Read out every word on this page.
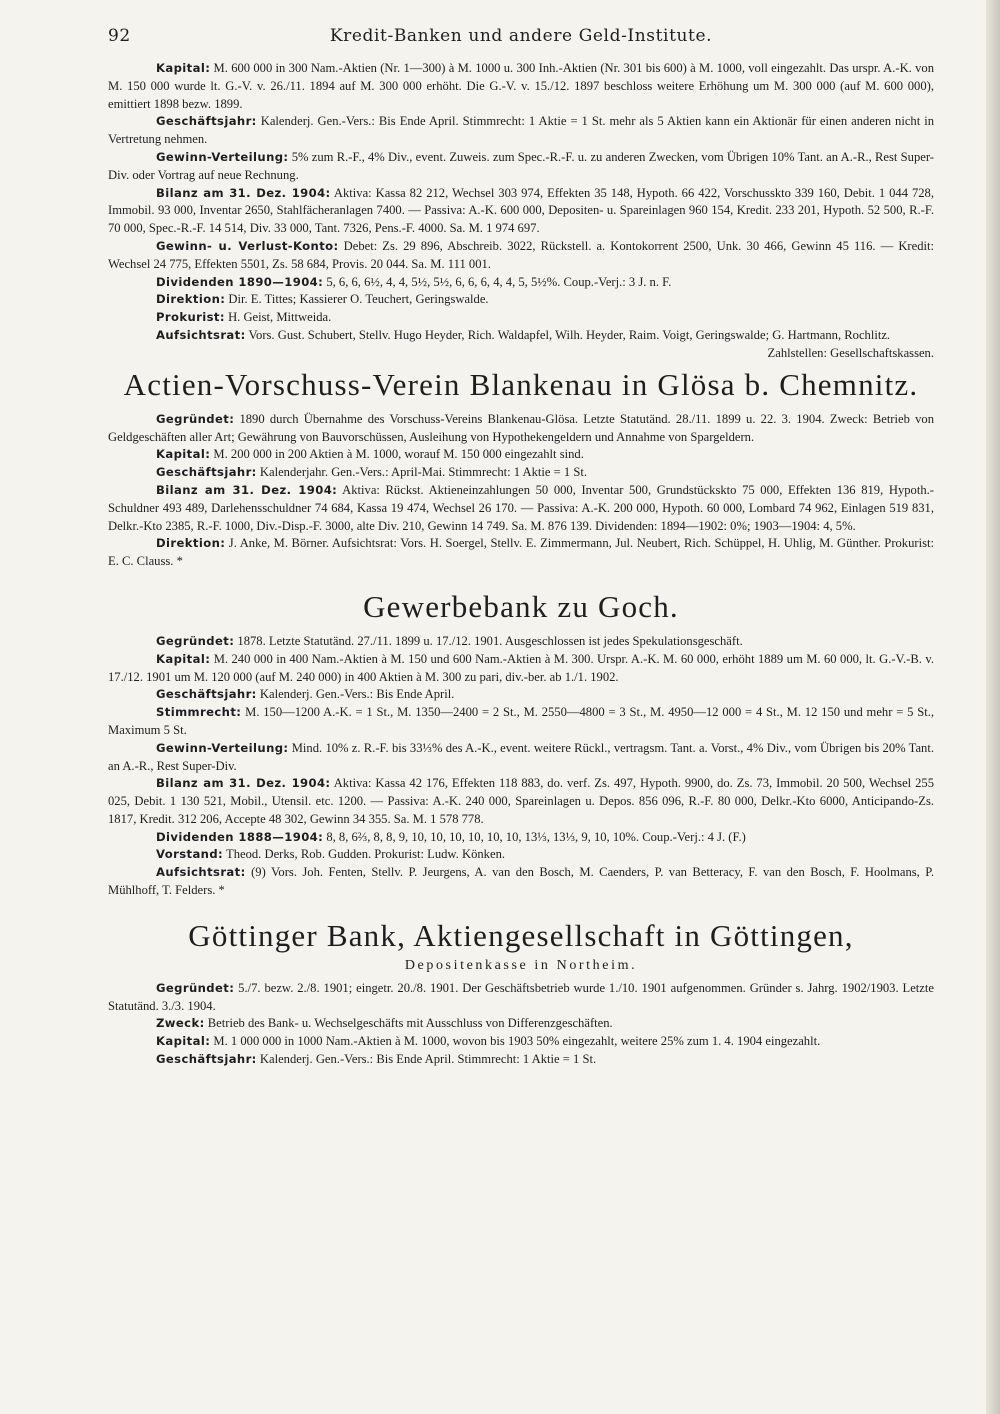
92	Kredit-Banken und andere Geld-Institute.

Kapital: M. 600 000 in 300 Nam.-Aktien (Nr. 1—300) à M. 1000 u. 300 Inh.-Aktien (Nr. 301 bis 600) à M. 1000, voll eingezahlt. Das urspr. A.-K. von M. 150 000 wurde lt. G.-V. v. 26./11. 1894 auf M. 300 000 erhöht. Die G.-V. v. 15./12. 1897 beschloss weitere Erhöhung um M. 300 000 (auf M. 600 000), emittiert 1898 bezw. 1899.

Geschäftsjahr: Kalenderj. Gen.-Vers.: Bis Ende April. Stimmrecht: 1 Aktie = 1 St. mehr als 5 Aktien kann ein Aktionär für einen anderen nicht in Vertretung nehmen.

Gewinn-Verteilung: 5% zum R.-F., 4% Div., event. Zuweis. zum Spec.-R.-F. u. zu anderen Zwecken, vom Übrigen 10% Tant. an A.-R., Rest Super-Div. oder Vortrag auf neue Rechnung.

Bilanz am 31. Dez. 1904: Aktiva: Kassa 82 212, Wechsel 303 974, Effekten 35 148, Hypoth. 66 422, Vorschusskto 339 160, Debit. 1 044 728, Immobil. 93 000, Inventar 2650, Stahlfächeranlagen 7400. — Passiva: A.-K. 600 000, Depositen- u. Spareinlagen 960 154, Kredit. 233 201, Hypoth. 52 500, R.-F. 70 000, Spec.-R.-F. 14 514, Div. 33 000, Tant. 7326, Pens.-F. 4000. Sa. M. 1 974 697.

Gewinn- u. Verlust-Konto: Debet: Zs. 29 896, Abschreib. 3022, Rückstell. a. Kontokorrent 2500, Unk. 30 466, Gewinn 45 116. — Kredit: Wechsel 24 775, Effekten 5501, Zs. 58 684, Provis. 20 044. Sa. M. 111 001.

Dividenden 1890—1904: 5, 6, 6, 6½, 4, 4, 5½, 5½, 6, 6, 6, 4, 4, 5, 5½%. Coup.-Verj.: 3 J. n. F.

Direktion: Dir. E. Tittes; Kassierer O. Teuchert, Geringswalde.

Prokurist: H. Geist, Mittweida.

Aufsichtsrat: Vors. Gust. Schubert, Stellv. Hugo Heyder, Rich. Waldapfel, Wilh. Heyder, Raim. Voigt, Geringswalde; G. Hartmann, Rochlitz.
Zahlstellen: Gesellschaftskassen.

Actien-Vorschuss-Verein Blankenau in Glösa b. Chemnitz.

Gegründet: 1890 durch Übernahme des Vorschuss-Vereins Blankenau-Glösa. Letzte Statutänd. 28./11. 1899 u. 22. 3. 1904. Zweck: Betrieb von Geldgeschäften aller Art; Gewährung von Bauvorschüssen, Ausleihung von Hypothekengeldern und Annahme von Spargeldern.

Kapital: M. 200 000 in 200 Aktien à M. 1000, worauf M. 150 000 eingezahlt sind.

Geschäftsjahr: Kalenderjahr. Gen.-Vers.: April-Mai. Stimmrecht: 1 Aktie = 1 St.

Bilanz am 31. Dez. 1904: Aktiva: Rückst. Aktieneinzahlungen 50 000, Inventar 500, Grundstückskto 75 000, Effekten 136 819, Hypoth.-Schuldner 493 489, Darlehensschuldner 74 684, Kassa 19 474, Wechsel 26 170. — Passiva: A.-K. 200 000, Hypoth. 60 000, Lombard 74 962, Einlagen 519 831, Delkr.-Kto 2385, R.-F. 1000, Div.-Disp.-F. 3000, alte Div. 210, Gewinn 14 749. Sa. M. 876 139. Dividenden: 1894—1902: 0%; 1903—1904: 4, 5%.

Direktion: J. Anke, M. Börner. Aufsichtsrat: Vors. H. Soergel, Stellv. E. Zimmermann, Jul. Neubert, Rich. Schüppel, H. Uhlig, M. Günther. Prokurist: E. C. Clauss. *

Gewerbebank zu Goch.

Gegründet: 1878. Letzte Statutänd. 27./11. 1899 u. 17./12. 1901. Ausgeschlossen ist jedes Spekulationsgeschäft.

Kapital: M. 240 000 in 400 Nam.-Aktien à M. 150 und 600 Nam.-Aktien à M. 300. Urspr. A.-K. M. 60 000, erhöht 1889 um M. 60 000, lt. G.-V.-B. v. 17./12. 1901 um M. 120 000 (auf M. 240 000) in 400 Aktien à M. 300 zu pari, div.-ber. ab 1./1. 1902.

Geschäftsjahr: Kalenderj. Gen.-Vers.: Bis Ende April.

Stimmrecht: M. 150—1200 A.-K. = 1 St., M. 1350—2400 = 2 St., M. 2550—4800 = 3 St., M. 4950—12 000 = 4 St., M. 12 150 und mehr = 5 St., Maximum 5 St.

Gewinn-Verteilung: Mind. 10% z. R.-F. bis 33⅓% des A.-K., event. weitere Rückl., vertragsm. Tant. a. Vorst., 4% Div., vom Übrigen bis 20% Tant. an A.-R., Rest Super-Div.

Bilanz am 31. Dez. 1904: Aktiva: Kassa 42 176, Effekten 118 883, do. verf. Zs. 497, Hypoth. 9900, do. Zs. 73, Immobil. 20 500, Wechsel 255 025, Debit. 1 130 521, Mobil., Utensil. etc. 1200. — Passiva: A.-K. 240 000, Spareinlagen u. Depos. 856 096, R.-F. 80 000, Delkr.-Kto 6000, Anticipando-Zs. 1817, Kredit. 312 206, Accepte 48 302, Gewinn 34 355. Sa. M. 1 578 778.

Dividenden 1888—1904: 8, 8, 6⅔, 8, 8, 9, 10, 10, 10, 10, 10, 10, 13⅓, 13⅓, 9, 10, 10%. Coup.-Verj.: 4 J. (F.)

Vorstand: Theod. Derks, Rob. Gudden. Prokurist: Ludw. Könken.

Aufsichtsrat: (9) Vors. Joh. Fenten, Stellv. P. Jeurgens, A. van den Bosch, M. Caenders, P. van Betteracy, F. van den Bosch, F. Hoolmans, P. Mühlhoff, T. Felders. *

Göttinger Bank, Aktiengesellschaft in Göttingen,
Depositenkasse in Northeim.

Gegründet: 5./7. bezw. 2./8. 1901; eingetr. 20./8. 1901. Der Geschäftsbetrieb wurde 1./10. 1901 aufgenommen. Gründer s. Jahrg. 1902/1903. Letzte Statutänd. 3./3. 1904.

Zweck: Betrieb des Bank- u. Wechselgeschäfts mit Ausschluss von Differenzgeschäften.

Kapital: M. 1 000 000 in 1000 Nam.-Aktien à M. 1000, wovon bis 1903 50% eingezahlt, weitere 25% zum 1. 4. 1904 eingezahlt.

Geschäftsjahr: Kalenderj. Gen.-Vers.: Bis Ende April. Stimmrecht: 1 Aktie = 1 St.
